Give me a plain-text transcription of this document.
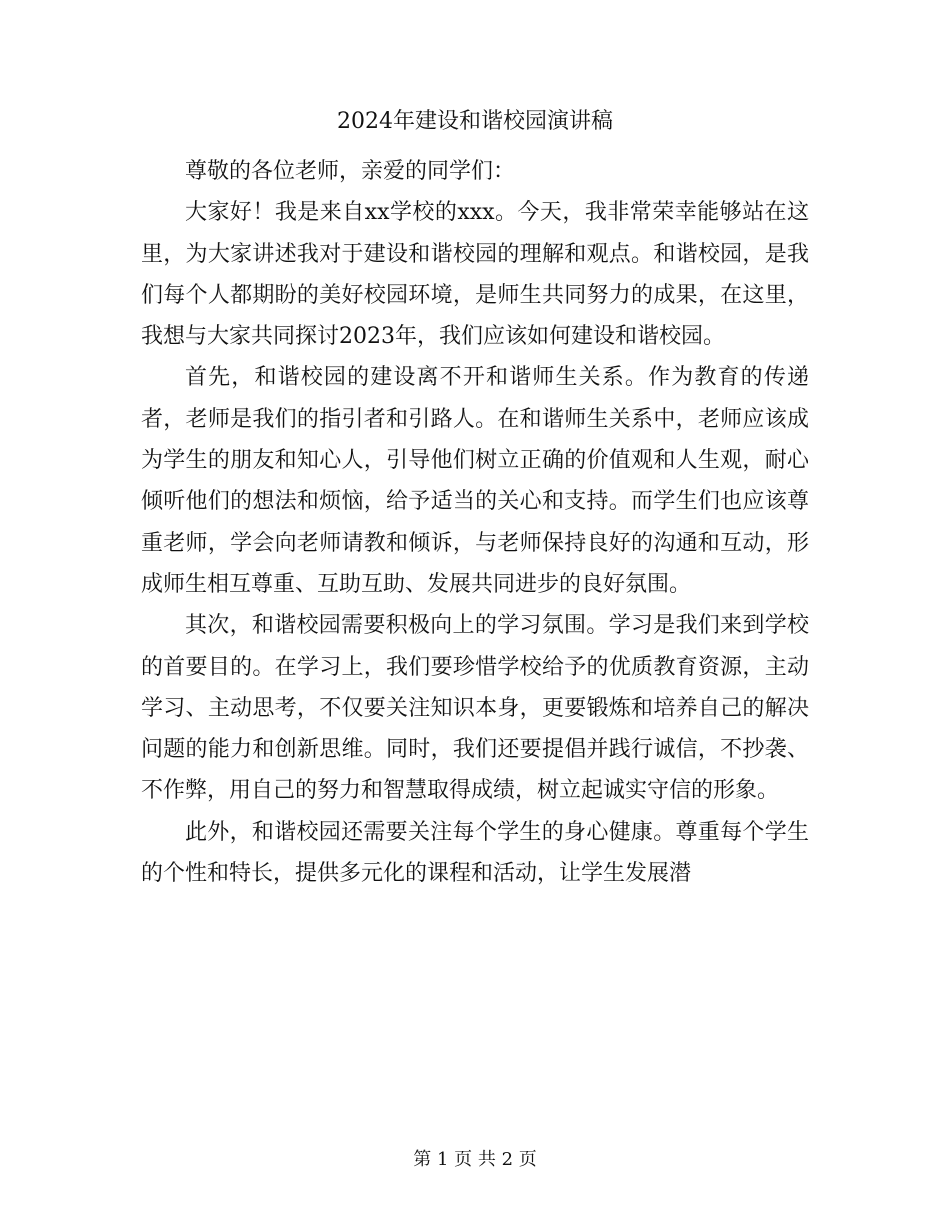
2024年建设和谐校园演讲稿

尊敬的各位老师，亲爱的同学们：

大家好！我是来自xx学校的xxx。今天，我非常荣幸能够站在这里，为大家讲述我对于建设和谐校园的理解和观点。和谐校园，是我们每个人都期盼的美好校园环境，是师生共同努力的成果，在这里，我想与大家共同探讨2023年，我们应该如何建设和谐校园。

首先，和谐校园的建设离不开和谐师生关系。作为教育的传递者，老师是我们的指引者和引路人。在和谐师生关系中，老师应该成为学生的朋友和知心人，引导他们树立正确的价值观和人生观，耐心倾听他们的想法和烦恼，给予适当的关心和支持。而学生们也应该尊重老师，学会向老师请教和倾诉，与老师保持良好的沟通和互动，形成师生相互尊重、互助互助、发展共同进步的良好氛围。

其次，和谐校园需要积极向上的学习氛围。学习是我们来到学校的首要目的。在学习上，我们要珍惜学校给予的优质教育资源，主动学习、主动思考，不仅要关注知识本身，更要锻炼和培养自己的解决问题的能力和创新思维。同时，我们还要提倡并践行诚信，不抄袭、不作弊，用自己的努力和智慧取得成绩，树立起诚实守信的形象。

此外，和谐校园还需要关注每个学生的身心健康。尊重每个学生的个性和特长，提供多元化的课程和活动，让学生发展潜

第 1 页 共 2 页
